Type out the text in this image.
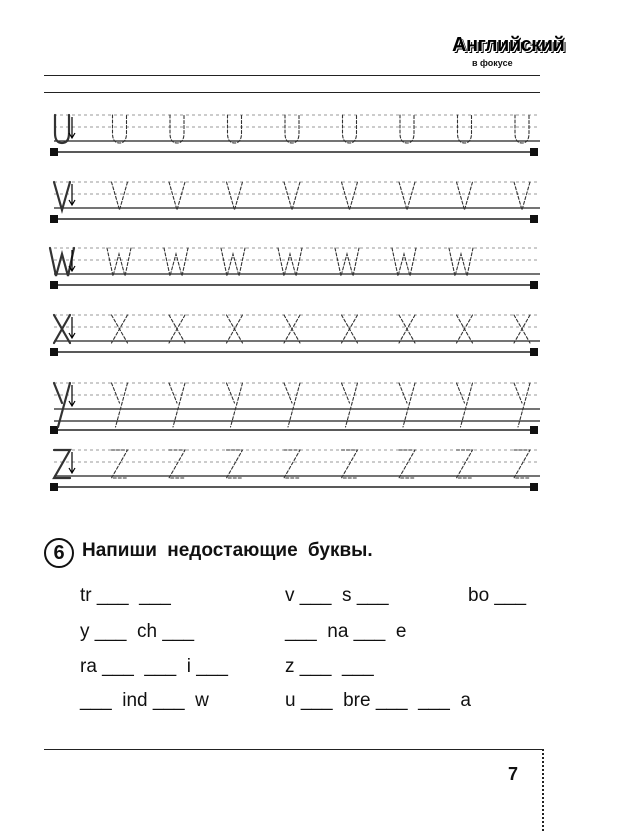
Английский
в фокусе
6 Напиши недостающие буквы.
tr ___  ___	v ___  s ___	bo ___
y ___  ch ___	___  na ___  e
ra ___  ___  i ___	z ___  ___
___  ind ___  w	u ___  bre ___  ___  a
7
